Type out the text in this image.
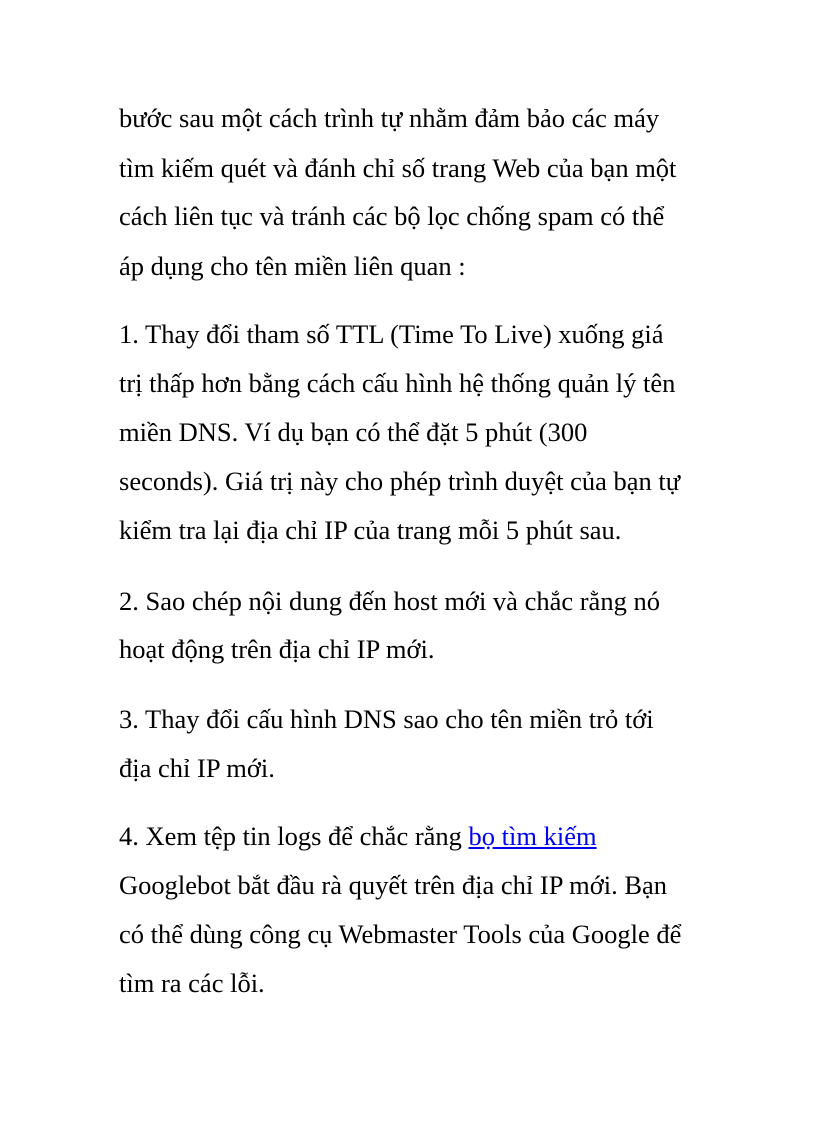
bước sau một cách trình tự nhằm đảm bảo các máy

tìm kiếm quét và đánh chỉ số trang Web của bạn một

cách liên tục và tránh các bộ lọc chống spam có thể

áp dụng cho tên miền liên quan :

1. Thay đổi tham số TTL (Time To Live) xuống giá

trị thấp hơn bằng cách cấu hình hệ thống quản lý tên

miền DNS. Ví dụ bạn có thể đặt 5 phút (300

seconds). Giá trị này cho phép trình duyệt của bạn tự

kiểm tra lại địa chỉ IP của trang mỗi 5 phút sau.

2. Sao chép nội dung đến host mới và chắc rằng nó

hoạt động trên địa chỉ IP mới.

3. Thay đổi cấu hình DNS sao cho tên miền trỏ tới

địa chỉ IP mới.

4. Xem tệp tin logs để chắc rằng bọ tìm kiếm

Googlebot bắt đầu rà quyết trên địa chỉ IP mới. Bạn

có thể dùng công cụ Webmaster Tools của Google để

tìm ra các lỗi.
